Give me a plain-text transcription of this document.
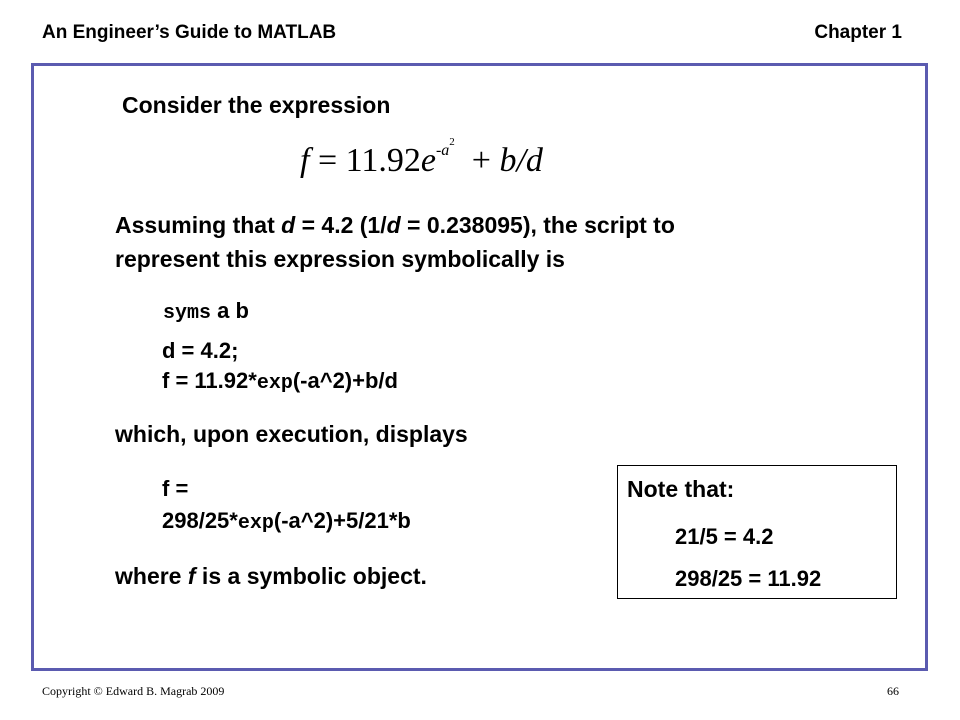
An Engineer’s Guide to MATLAB	Chapter 1
Consider the expression
$f = 11.92e^{-a^2} + b/d$
Assuming that d = 4.2 (1/d = 0.238095), the script to
represent this expression symbolically is
syms a b
d = 4.2;
f = 11.92*exp(-a^2)+b/d
which, upon execution, displays
f =
298/25*exp(-a^2)+5/21*b
where f is a symbolic object.
Note that:
21/5 = 4.2
298/25 = 11.92
Copyright © Edward B. Magrab 2009	66
